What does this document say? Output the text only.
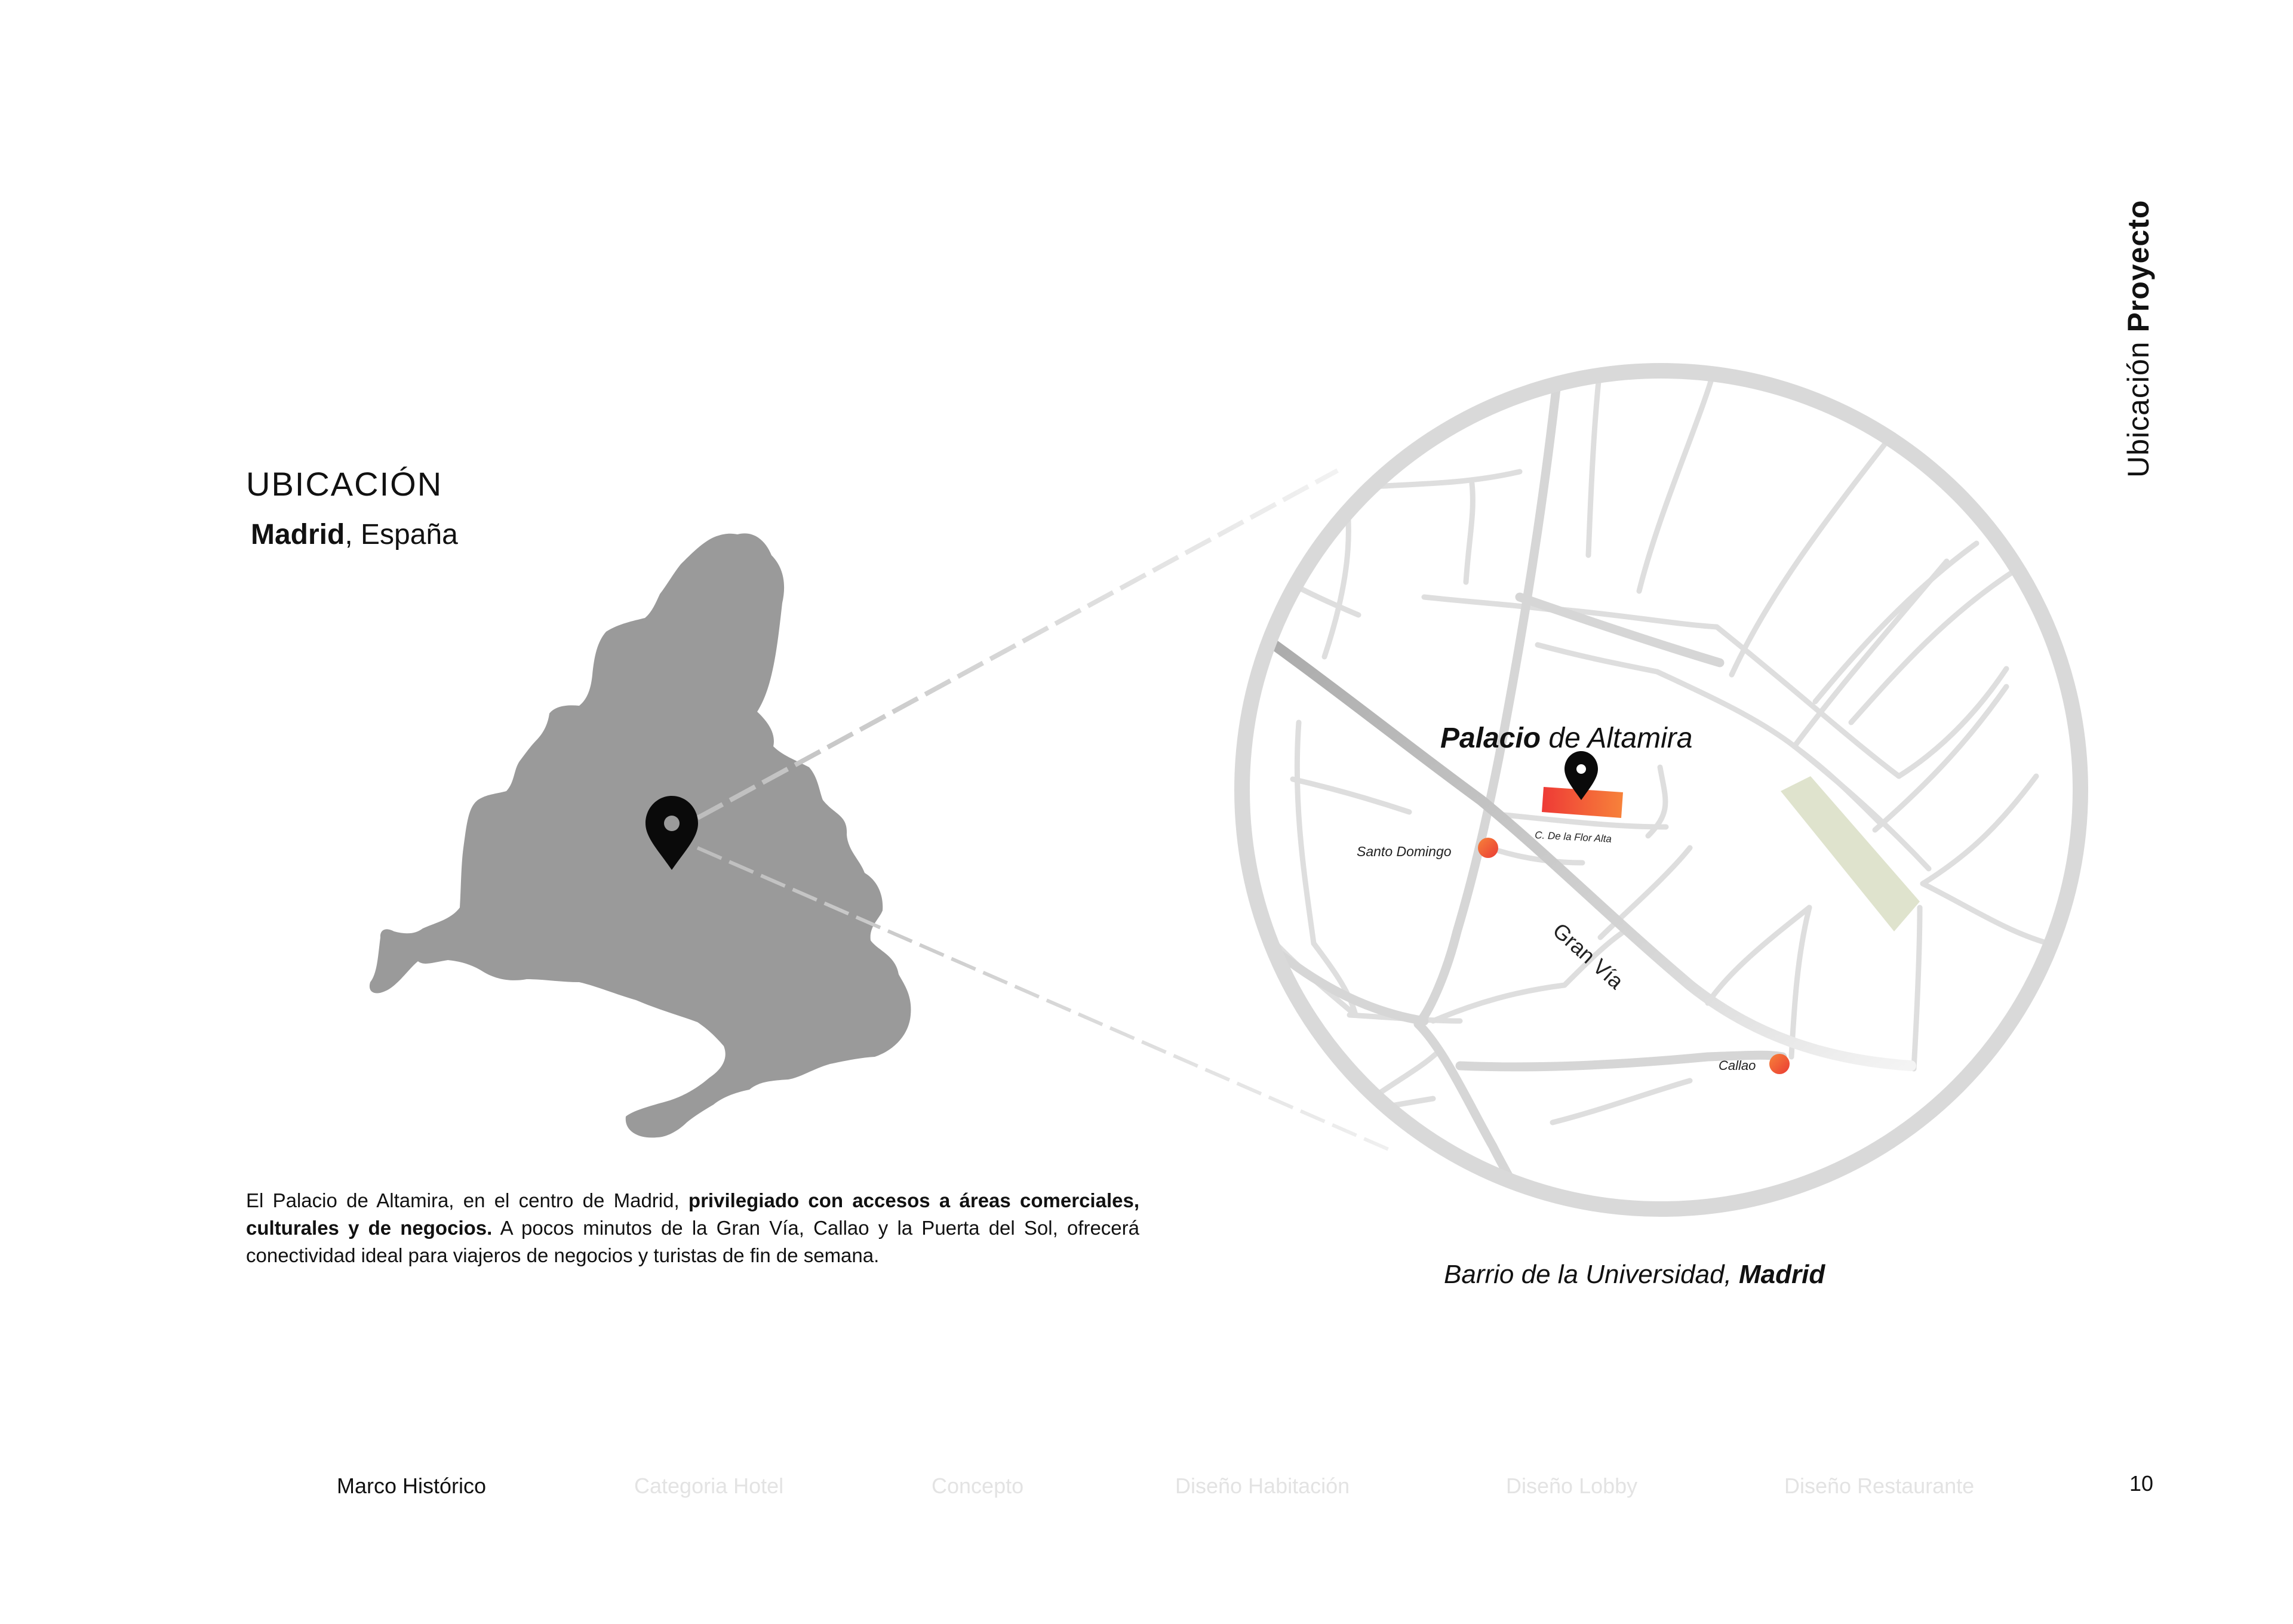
Palacio de Altamira
C. De la Flor Alta
Santo Domingo
Gran Vía
Callao
UBICACIÓN
Madrid, España
Ubicación Proyecto
El Palacio de Altamira, en el centro de Madrid, privilegiado con accesos a áreas comerciales, culturales y de negocios. A pocos minutos de la Gran Vía, Callao y la Puerta del Sol, ofrecerá conectividad ideal para viajeros de negocios y turistas de fin de semana.
Barrio de la Universidad, Madrid
Marco Histórico	Categoria Hotel	Concepto	Diseño Habitación	Diseño Lobby	Diseño Restaurante	10
